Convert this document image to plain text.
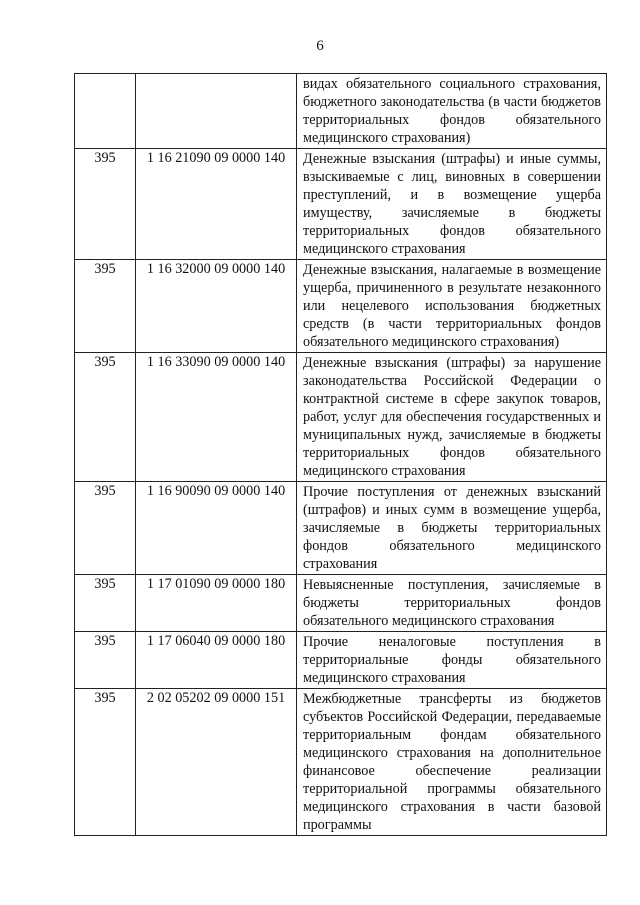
6
		видах обязательного социального страхования, бюджетного законодательства (в части бюджетов территориальных фондов обязательного медицинского страхования)
395	1 16 21090 09 0000 140	Денежные взыскания (штрафы) и иные суммы, взыскиваемые с лиц, виновных в совершении преступлений, и в возмещение ущерба имуществу, зачисляемые в бюджеты территориальных фондов обязательного медицинского страхования
395	1 16 32000 09 0000 140	Денежные взыскания, налагаемые в возмещение ущерба, причиненного в результате незаконного или нецелевого использования бюджетных средств (в части территориальных фондов обязательного медицинского страхования)
395	1 16 33090 09 0000 140	Денежные взыскания (штрафы) за нарушение законодательства Российской Федерации о контрактной системе в сфере закупок товаров, работ, услуг для обеспечения государственных и муниципальных нужд, зачисляемые в бюджеты территориальных фондов обязательного медицинского страхования
395	1 16 90090 09 0000 140	Прочие поступления от денежных взысканий (штрафов) и иных сумм в возмещение ущерба, зачисляемые в бюджеты территориальных фондов обязательного медицинского страхования
395	1 17 01090 09 0000 180	Невыясненные поступления, зачисляемые в бюджеты территориальных фондов обязательного медицинского страхования
395	1 17 06040 09 0000 180	Прочие неналоговые поступления в территориальные фонды обязательного медицинского страхования
395	2 02 05202 09 0000 151	Межбюджетные трансферты из бюджетов субъектов Российской Федерации, передаваемые территориальным фондам обязательного медицинского страхования на дополнительное финансовое обеспечение реализации территориальной программы обязательного медицинского страхования в части базовой программы
